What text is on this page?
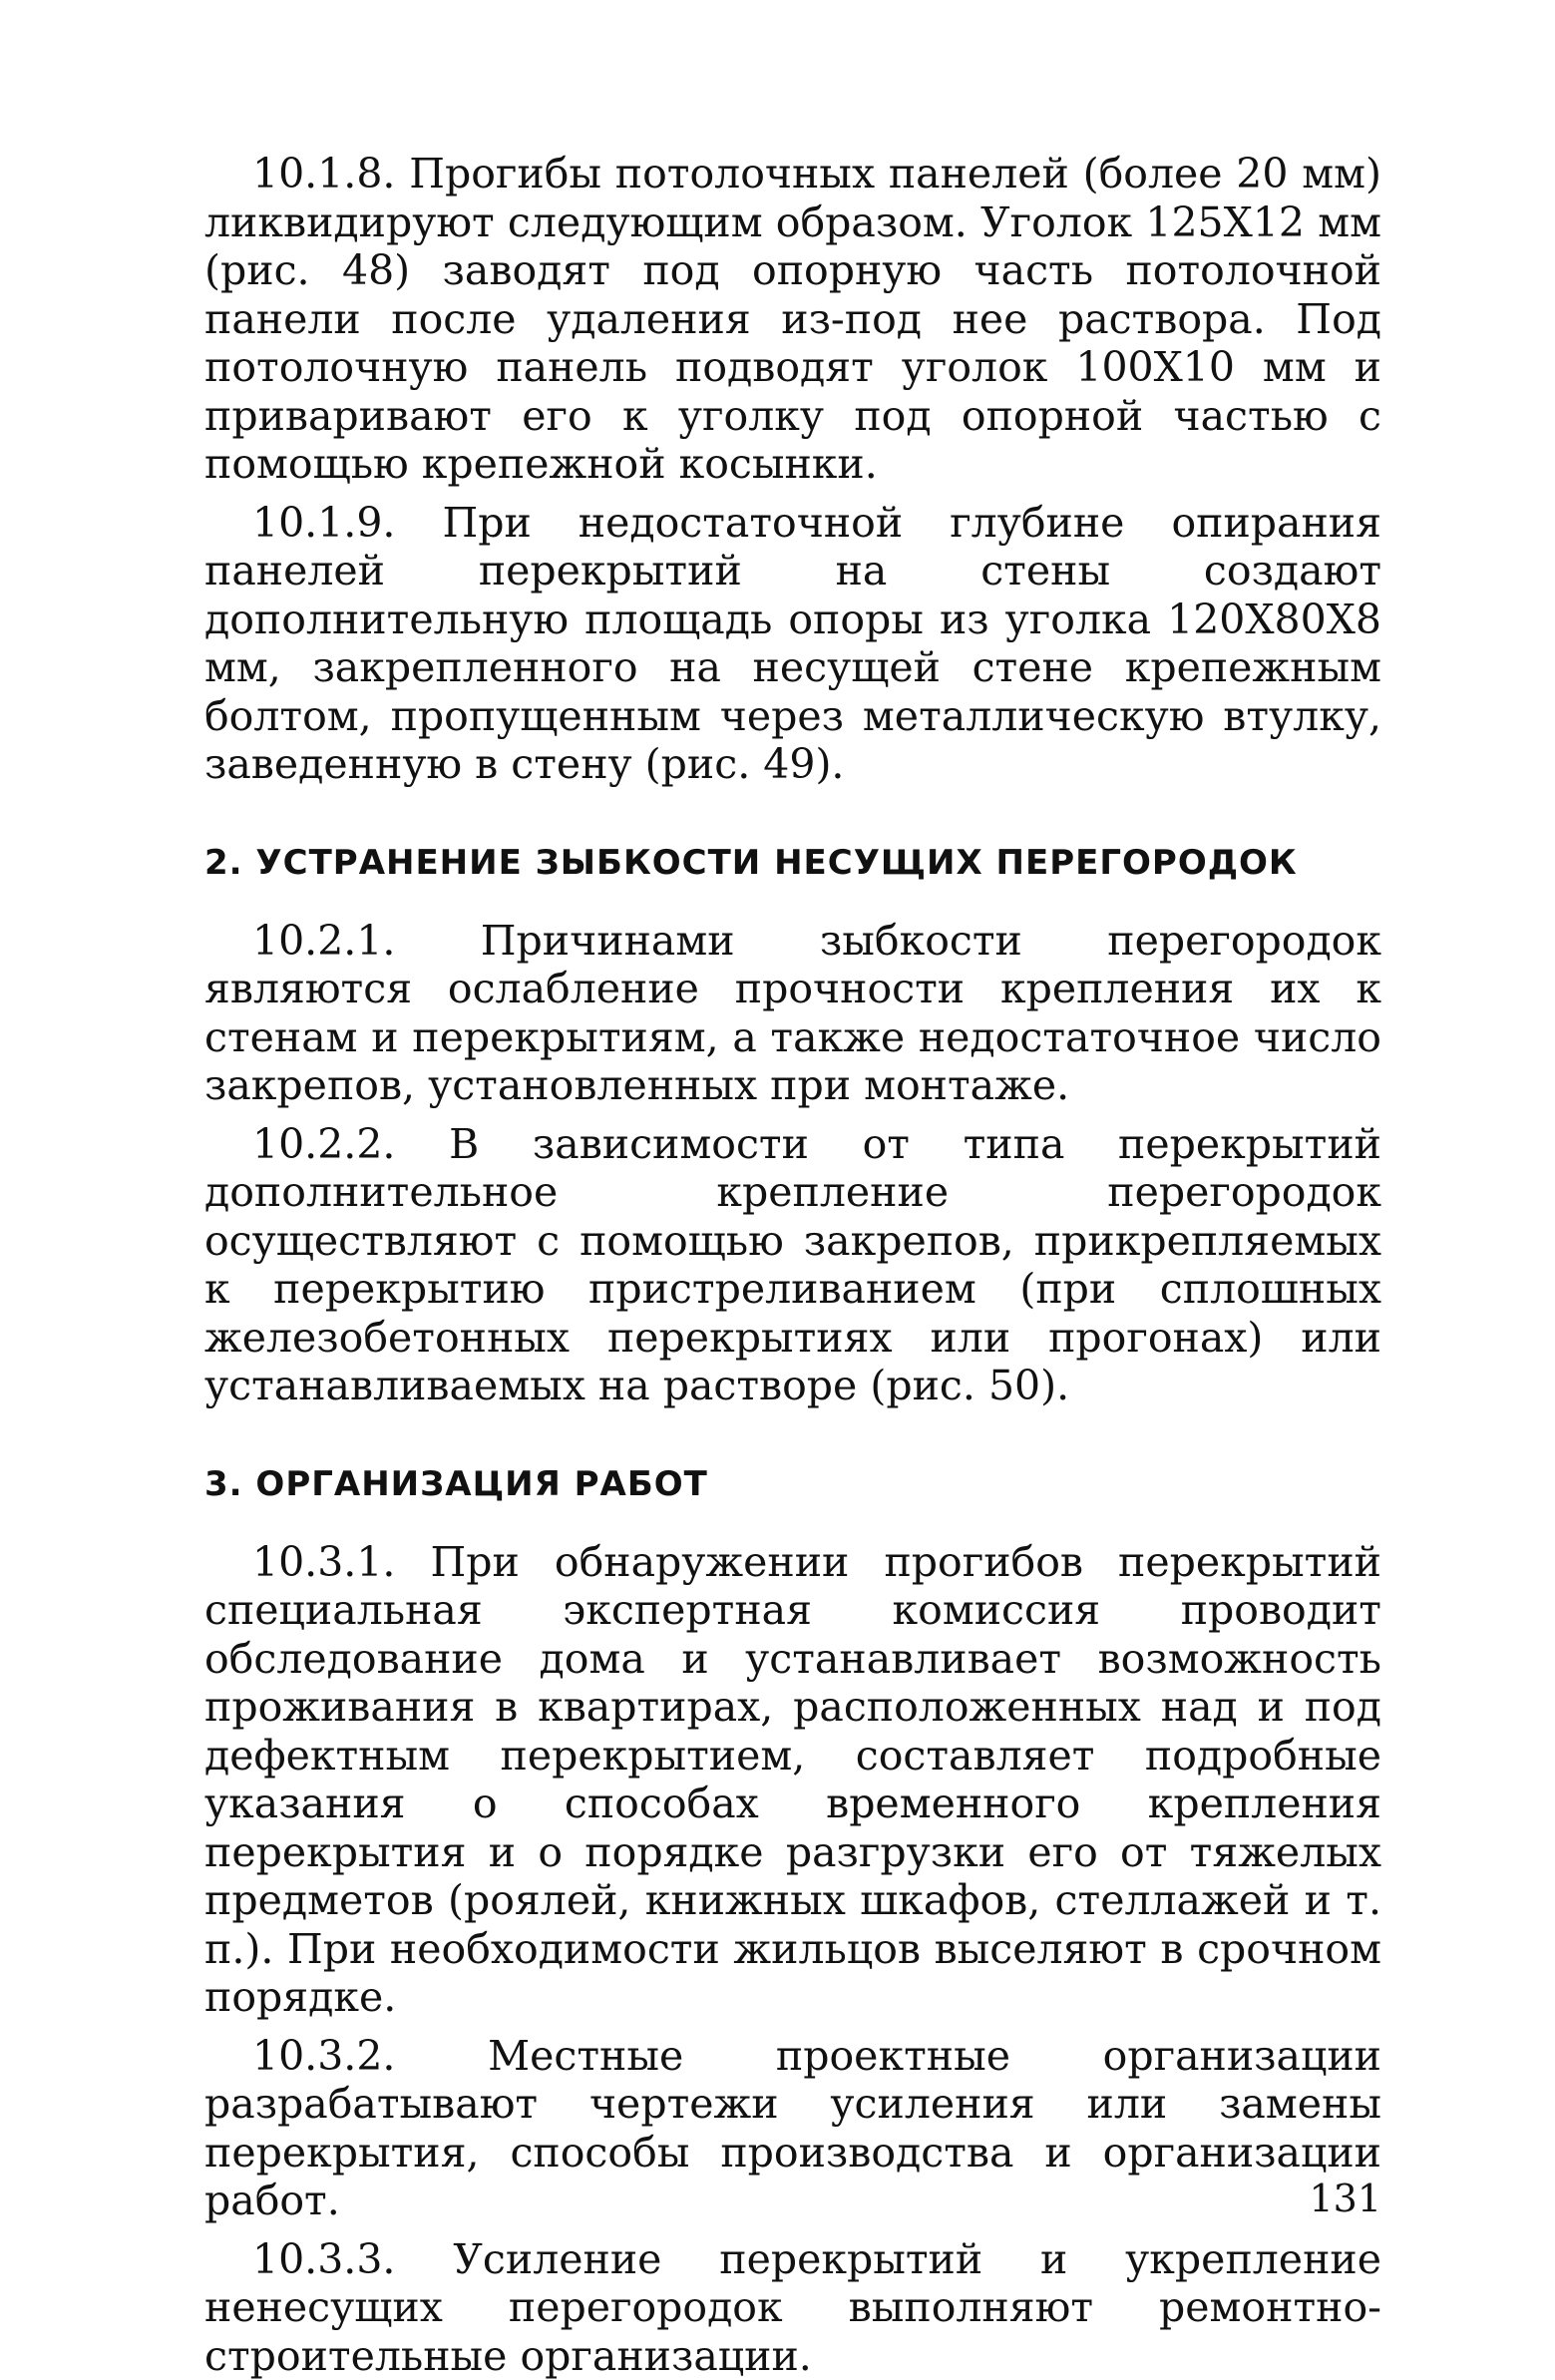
10.1.8. Прогибы потолочных панелей (более 20 мм) ликвидируют следующим образом. Уголок 125Х12 мм (рис. 48) заводят под опорную часть потолочной панели после удаления из-под нее раствора. Под потолочную панель подводят уголок 100Х10 мм и приваривают его к уголку под опорной частью с помощью крепежной косынки.

10.1.9. При недостаточной глубине опирания панелей перекрытий на стены создают дополнительную площадь опоры из уголка 120Х80Х8 мм, закрепленного на несущей стене крепежным болтом, пропущенным через металлическую втулку, заведенную в стену (рис. 49).

2. УСТРАНЕНИЕ ЗЫБКОСТИ НЕСУЩИХ ПЕРЕГОРОДОК

10.2.1. Причинами зыбкости перегородок являются ослабление прочности крепления их к стенам и перекрытиям, а также недостаточное число закрепов, установленных при монтаже.

10.2.2. В зависимости от типа перекрытий дополнительное крепление перегородок осуществляют с помощью закрепов, прикрепляемых к перекрытию пристреливанием (при сплошных железобетонных перекрытиях или прогонах) или устанавливаемых на растворе (рис. 50).

3. ОРГАНИЗАЦИЯ РАБОТ

10.3.1. При обнаружении прогибов перекрытий специальная экспертная комиссия проводит обследование дома и устанавливает возможность проживания в квартирах, расположенных над и под дефектным перекрытием, составляет подробные указания о способах временного крепления перекрытия и о порядке разгрузки его от тяжелых предметов (роялей, книжных шкафов, стеллажей и т. п.). При необходимости жильцов выселяют в срочном порядке.

10.3.2. Местные проектные организации разрабатывают чертежи усиления или замены перекрытия, способы производства и организации работ.

10.3.3. Усиление перекрытий и укрепление ненесущих перегородок выполняют ремонтно-строительные организации.

131
